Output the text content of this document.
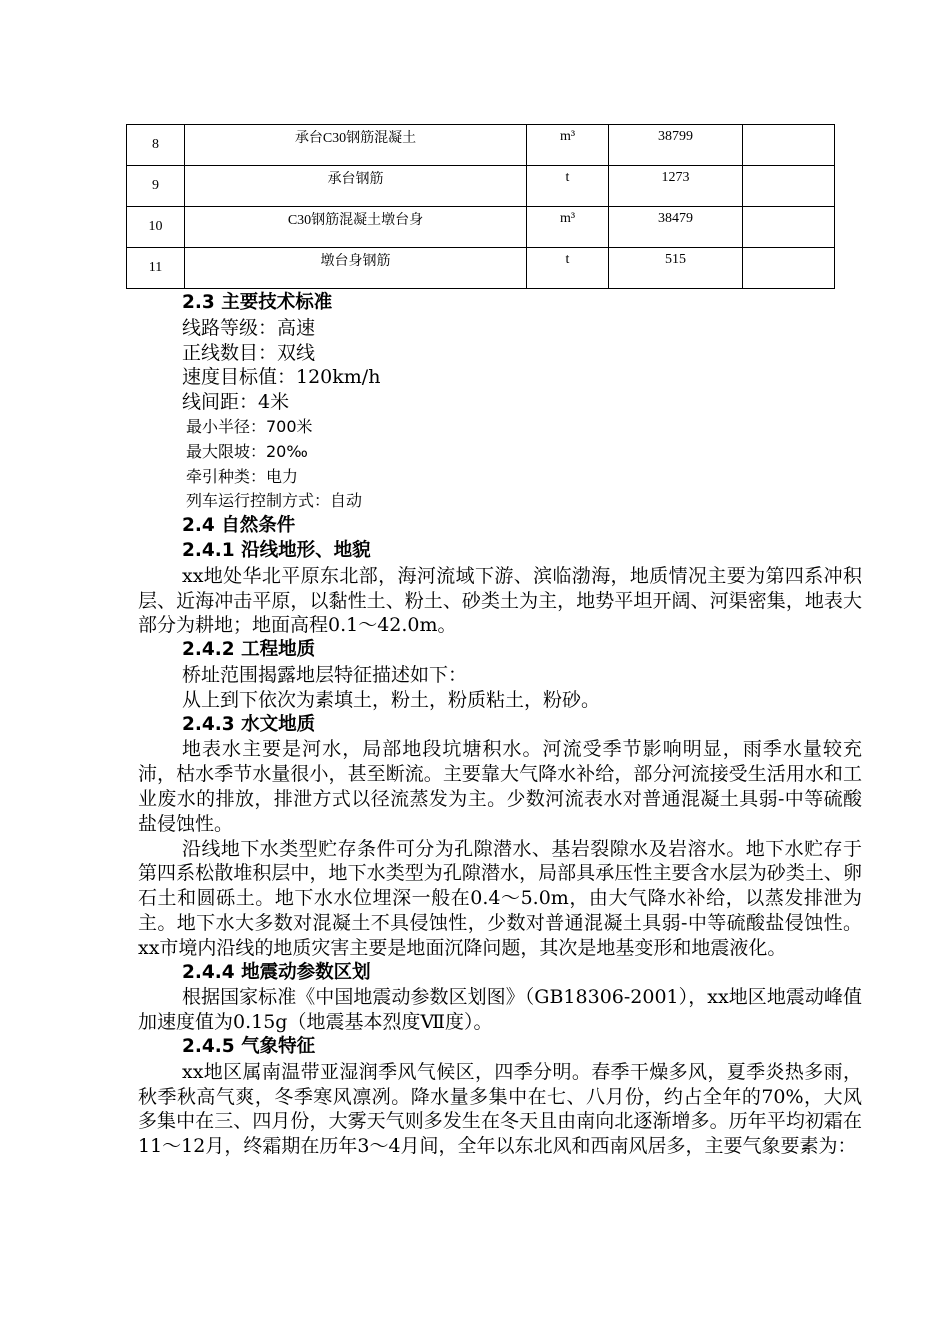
8	承台C30钢筋混凝土	m³	38799	

9	承台钢筋	t	1273	

10	C30钢筋混凝土墩台身	m³	38479	

11	墩台身钢筋	t	515	

2.3 主要技术标准
线路等级：高速
正线数目：双线
速度目标值：120km/h
线间距：4米
最小半径：700米
最大限坡：20‰
牵引种类：电力
列车运行控制方式：自动
2.4 自然条件
2.4.1 沿线地形、地貌
xx地处华北平原东北部，海河流域下游、滨临渤海，地质情况主要为第四系冲积层、近海冲击平原，以黏性土、粉土、砂类土为主，地势平坦开阔、河渠密集，地表大部分为耕地；地面高程0.1～42.0m。
2.4.2 工程地质
桥址范围揭露地层特征描述如下：
从上到下依次为素填土，粉土，粉质粘土，粉砂。
2.4.3 水文地质
地表水主要是河水，局部地段坑塘积水。河流受季节影响明显，雨季水量较充沛，枯水季节水量很小，甚至断流。主要靠大气降水补给，部分河流接受生活用水和工业废水的排放，排泄方式以径流蒸发为主。少数河流表水对普通混凝土具弱-中等硫酸盐侵蚀性。
沿线地下水类型贮存条件可分为孔隙潜水、基岩裂隙水及岩溶水。地下水贮存于第四系松散堆积层中，地下水类型为孔隙潜水，局部具承压性主要含水层为砂类土、卵石土和圆砾土。地下水水位埋深一般在0.4～5.0m，由大气降水补给，以蒸发排泄为主。地下水大多数对混凝土不具侵蚀性，少数对普通混凝土具弱-中等硫酸盐侵蚀性。xx市境内沿线的地质灾害主要是地面沉降问题，其次是地基变形和地震液化。
2.4.4 地震动参数区划
根据国家标准《中国地震动参数区划图》（GB18306-2001），xx地区地震动峰值加速度值为0.15g（地震基本烈度Ⅶ度）。
2.4.5 气象特征
xx地区属南温带亚湿润季风气候区，四季分明。春季干燥多风，夏季炎热多雨，秋季秋高气爽，冬季寒风凛冽。降水量多集中在七、八月份，约占全年的70%，大风多集中在三、四月份，大雾天气则多发生在冬天且由南向北逐渐增多。历年平均初霜在11～12月，终霜期在历年3～4月间，全年以东北风和西南风居多，主要气象要素为：
